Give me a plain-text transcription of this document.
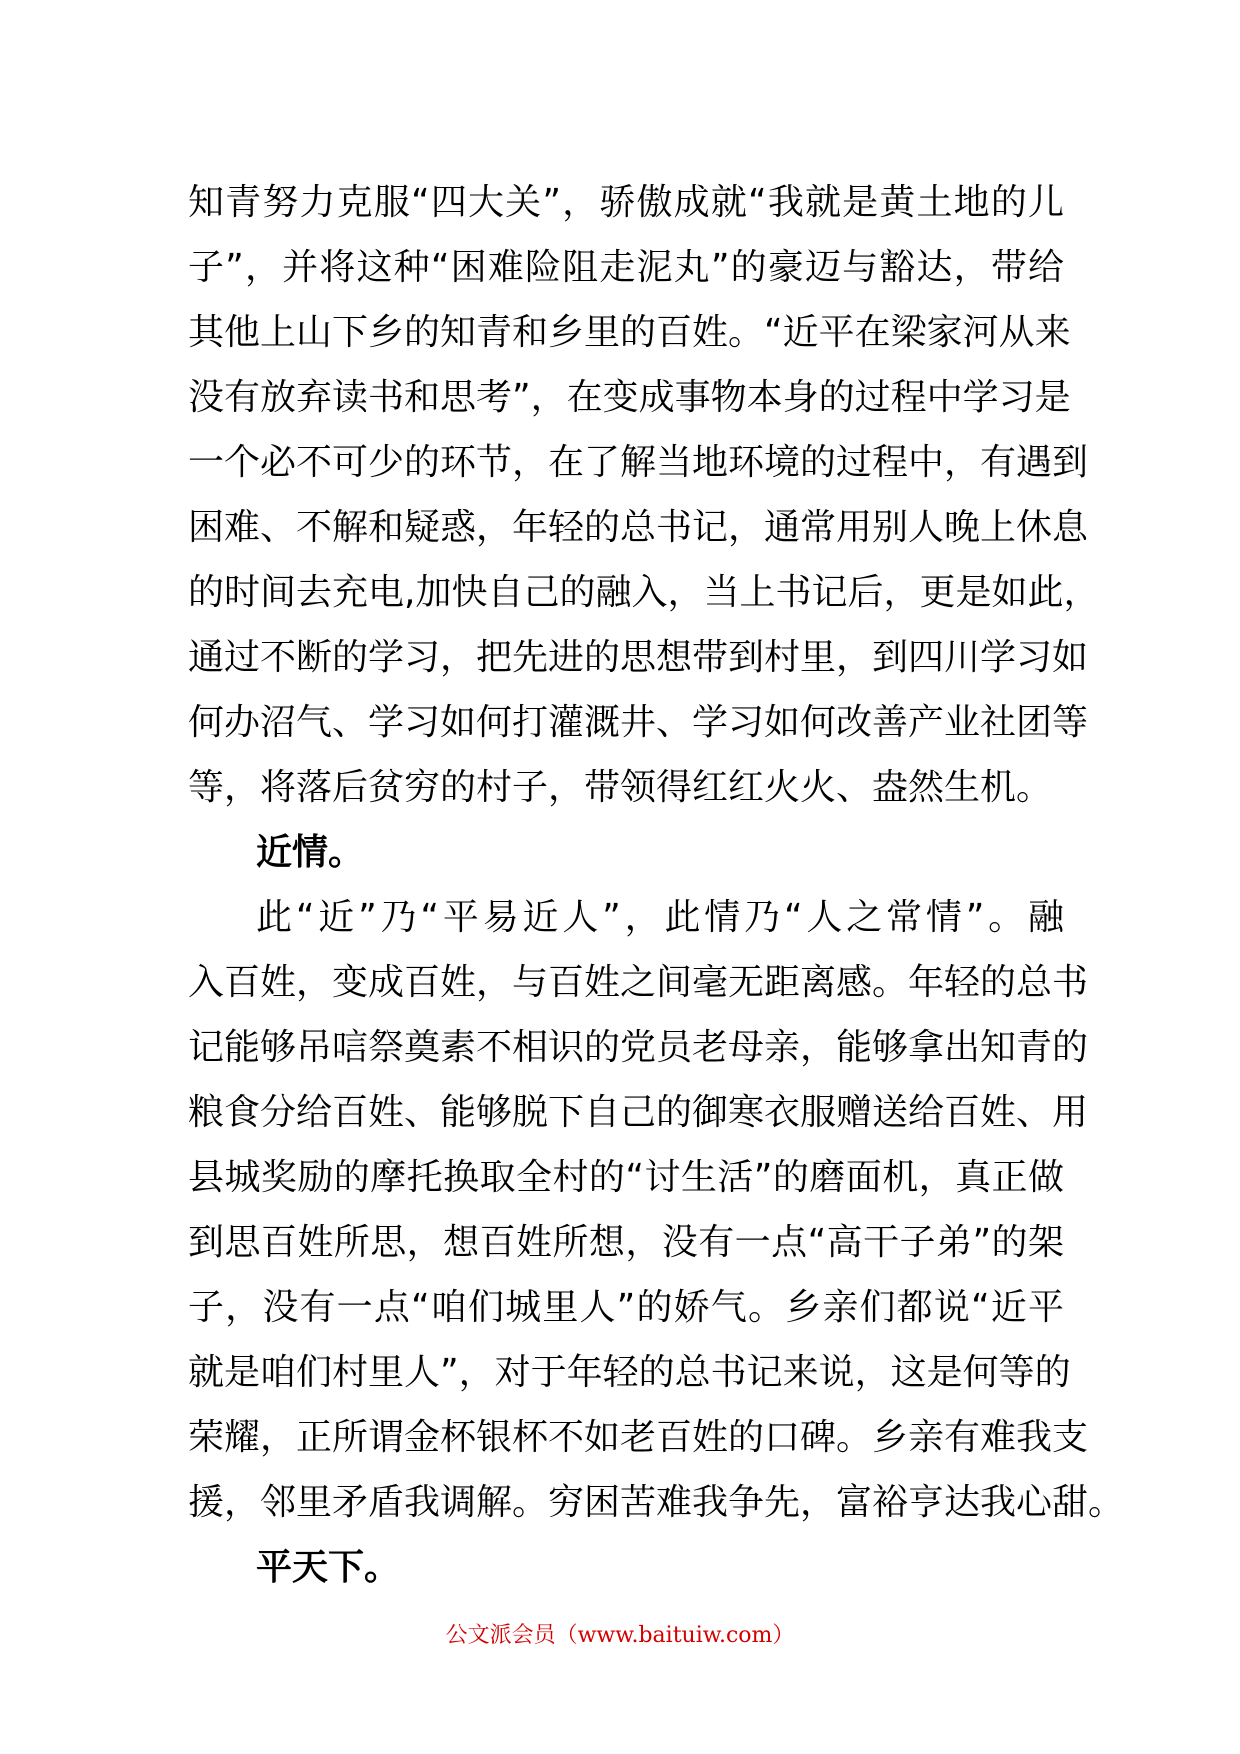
知青努力克服“四大关”，骄傲成就“我就是黄土地的儿
子”，并将这种“困难险阻走泥丸”的豪迈与豁达，带给
其他上山下乡的知青和乡里的百姓。“近平在梁家河从来
没有放弃读书和思考”，在变成事物本身的过程中学习是
一个必不可少的环节，在了解当地环境的过程中，有遇到
困难、不解和疑惑，年轻的总书记，通常用别人晚上休息
的时间去充电,加快自己的融入，当上书记后，更是如此，
通过不断的学习，把先进的思想带到村里，到四川学习如
何办沼气、学习如何打灌溉井、学习如何改善产业社团等
等，将落后贫穷的村子，带领得红红火火、盎然生机。
近情。
此“近”乃“平易近人”，此情乃“人之常情”。融
入百姓，变成百姓，与百姓之间毫无距离感。年轻的总书
记能够吊唁祭奠素不相识的党员老母亲，能够拿出知青的
粮食分给百姓、能够脱下自己的御寒衣服赠送给百姓、用
县城奖励的摩托换取全村的“讨生活”的磨面机，真正做
到思百姓所思，想百姓所想，没有一点“高干子弟”的架
子，没有一点“咱们城里人”的娇气。乡亲们都说“近平
就是咱们村里人”，对于年轻的总书记来说，这是何等的
荣耀，正所谓金杯银杯不如老百姓的口碑。乡亲有难我支
援，邻里矛盾我调解。穷困苦难我争先，富裕亨达我心甜。
平天下。
公文派会员（www.baituiw.com）
